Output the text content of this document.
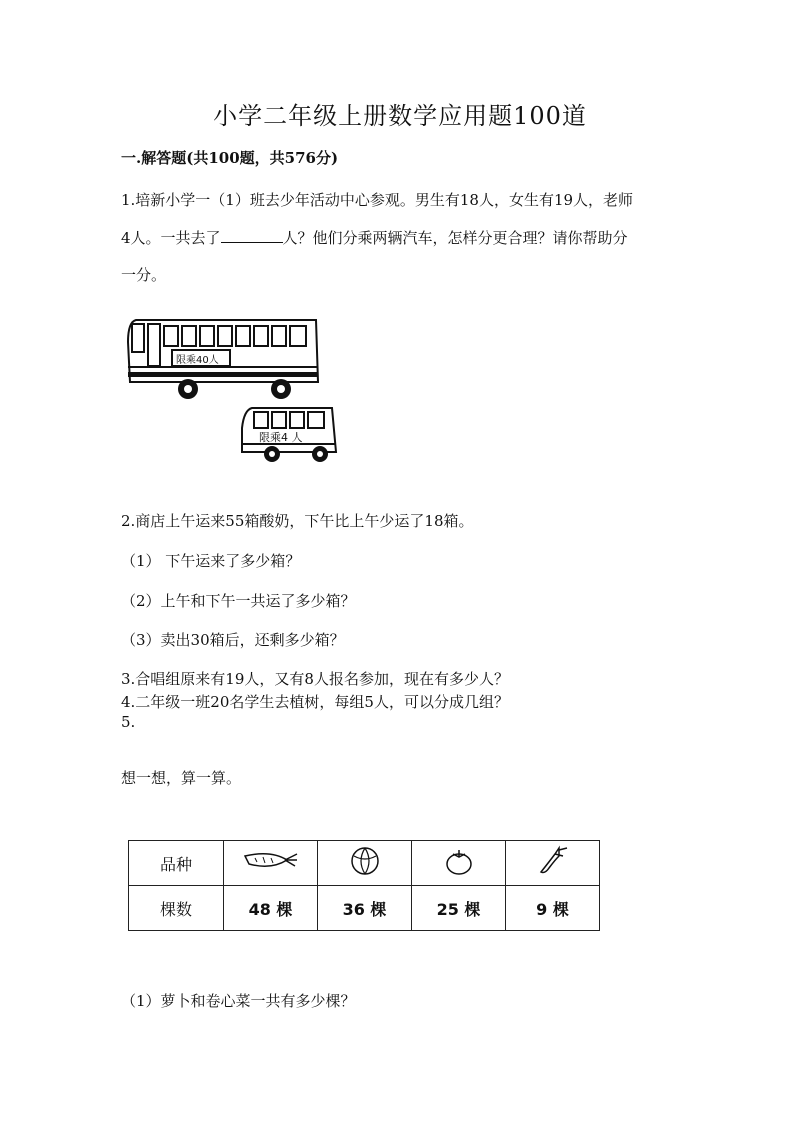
小学二年级上册数学应用题100道
一.解答题(共100题，共576分)
1.培新小学一（1）班去少年活动中心参观。男生有18人，女生有19人，老师
4人。一共去了	人？他们分乘两辆汽车，怎样分更合理？请你帮助分
一分。
限乘40人
限乘4 人
2.商店上午运来55箱酸奶，下午比上午少运了18箱。
（1） 下午运来了多少箱？
（2）上午和下午一共运了多少箱？
（3）卖出30箱后，还剩多少箱？
3.合唱组原来有19人，又有8人报名参加，现在有多少人？
4.二年级一班20名学生去植树，每组5人，可以分成几组？
5.
想一想，算一算。
品种				
棵数	48 棵	36 棵	25 棵	9 棵
（1）萝卜和卷心菜一共有多少棵？
